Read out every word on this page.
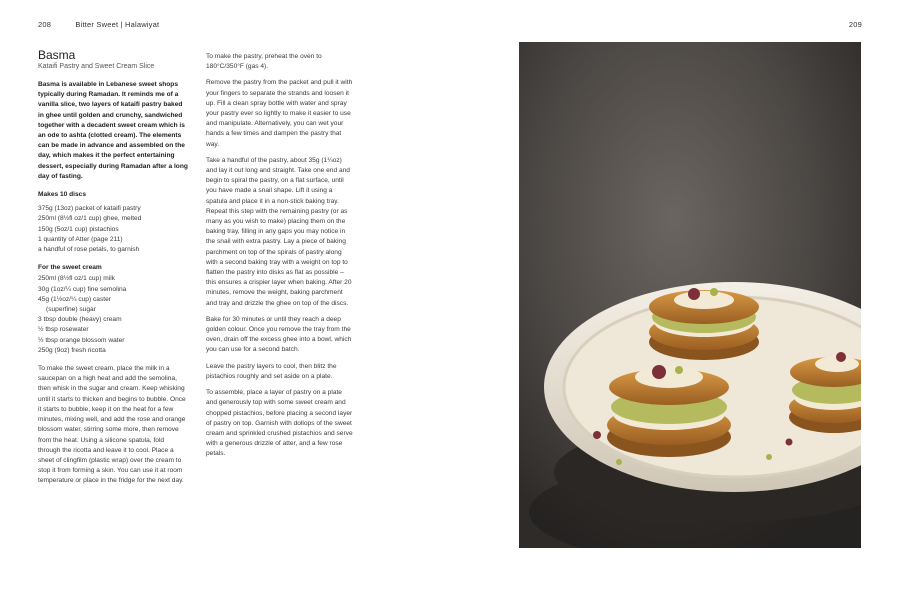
208	Bitter Sweet | Halawiyat	209
Basma
Kataifi Pastry and Sweet Cream Slice

Basma is available in Lebanese sweet shops typically during Ramadan. It reminds me of a vanilla slice, two layers of kataifi pastry baked in ghee until golden and crunchy, sandwiched together with a decadent sweet cream which is an ode to ashta (clotted cream). The elements can be made in advance and assembled on the day, which makes it the perfect entertaining dessert, especially during Ramadan after a long day of fasting.

Makes 10 discs
375g (13oz) packet of kataifi pastry
250ml (8½fl oz/1 cup) ghee, melted
150g (5oz/1 cup) pistachios
1 quantity of Atter (page 211)
a handful of rose petals, to garnish
For the sweet cream
250ml (8½fl oz/1 cup) milk
30g (1oz/¼ cup) fine semolina
45g (1½oz/¼ cup) caster
(superfine) sugar
3 tbsp double (heavy) cream
½ tbsp rosewater
½ tbsp orange blossom water
250g (9oz) fresh ricotta

To make the sweet cream, place the milk in a saucepan on a high heat and add the semolina, then whisk in the sugar and cream. Keep whisking until it starts to thicken and begins to bubble. Once it starts to bubble, keep it on the heat for a few minutes, mixing well, and add the rose and orange blossom water, stirring some more, then remove from the heat. Using a silicone spatula, fold through the ricotta and leave it to cool. Place a sheet of clingfilm (plastic wrap) over the cream to stop it from forming a skin. You can use it at room temperature or place in the fridge for the next day.

To make the pastry, preheat the oven to 180°C/350°F (gas 4).

Remove the pastry from the packet and pull it with your fingers to separate the strands and loosen it up. Fill a clean spray bottle with water and spray your pastry ever so lightly to make it easier to use and manipulate. Alternatively, you can wet your hands a few times and dampen the pastry that way.

Take a handful of the pastry, about 35g (1¼oz) and lay it out long and straight. Take one end and begin to spiral the pastry, on a flat surface, until you have made a snail shape. Lift it using a spatula and place it in a non-stick baking tray. Repeat this step with the remaining pastry (or as many as you wish to make) placing them on the baking tray, filling in any gaps you may notice in the snail with extra pastry. Lay a piece of baking parchment on top of the spirals of pastry along with a second baking tray with a weight on top to flatten the pastry into disks as flat as possible – this ensures a crispier layer when baking. After 20 minutes, remove the weight, baking parchment and tray and drizzle the ghee on top of the discs.

Bake for 30 minutes or until they reach a deep golden colour. Once you remove the tray from the oven, drain off the excess ghee into a bowl, which you can use for a second batch.

Leave the pastry layers to cool, then blitz the pistachios roughly and set aside on a plate.

To assemble, place a layer of pastry on a plate and generously top with some sweet cream and chopped pistachios, before placing a second layer of pastry on top. Garnish with dollops of the sweet cream and sprinkled crushed pistachios and serve with a generous drizzle of atter, and a few rose petals.
